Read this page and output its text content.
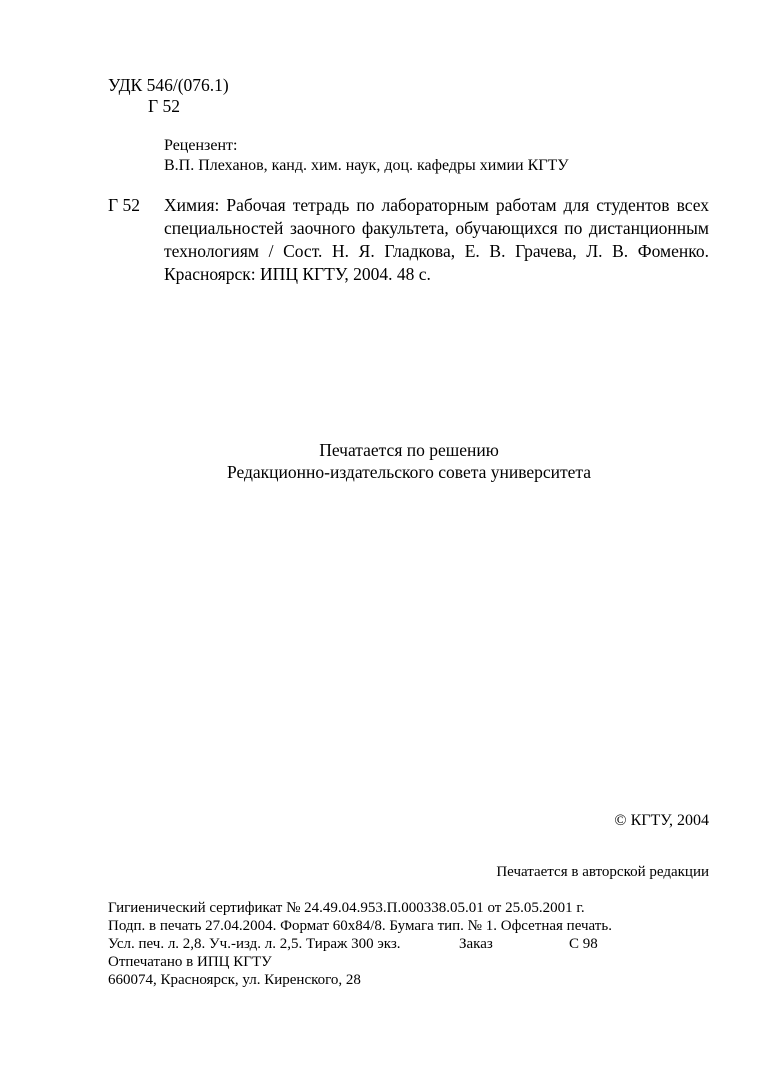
УДК 546/(076.1)
Г 52
Рецензент:
В.П. Плеханов, канд. хим. наук, доц. кафедры химии КГТУ
Г 52 Химия: Рабочая тетрадь по лабораторным работам для студентов всех
специальностей заочного факультета, обучающихся по дистанционным
технологиям / Сост. Н. Я. Гладкова, Е. В. Грачева, Л. В. Фоменко.
Красноярск: ИПЦ КГТУ, 2004. 48 с.
Печатается по решению
Редакционно-издательского совета университета
© КГТУ, 2004
Печатается в авторской редакции
Гигиенический сертификат № 24.49.04.953.П.000338.05.01 от 25.05.2001 г.
Подп. в печать 27.04.2004. Формат 60x84/8. Бумага тип. № 1. Офсетная печать.
Усл. печ. л. 2,8. Уч.-изд. л. 2,5. Тираж 300 экз.	Заказ	С 98
Отпечатано в ИПЦ КГТУ
660074, Красноярск, ул. Киренского, 28
